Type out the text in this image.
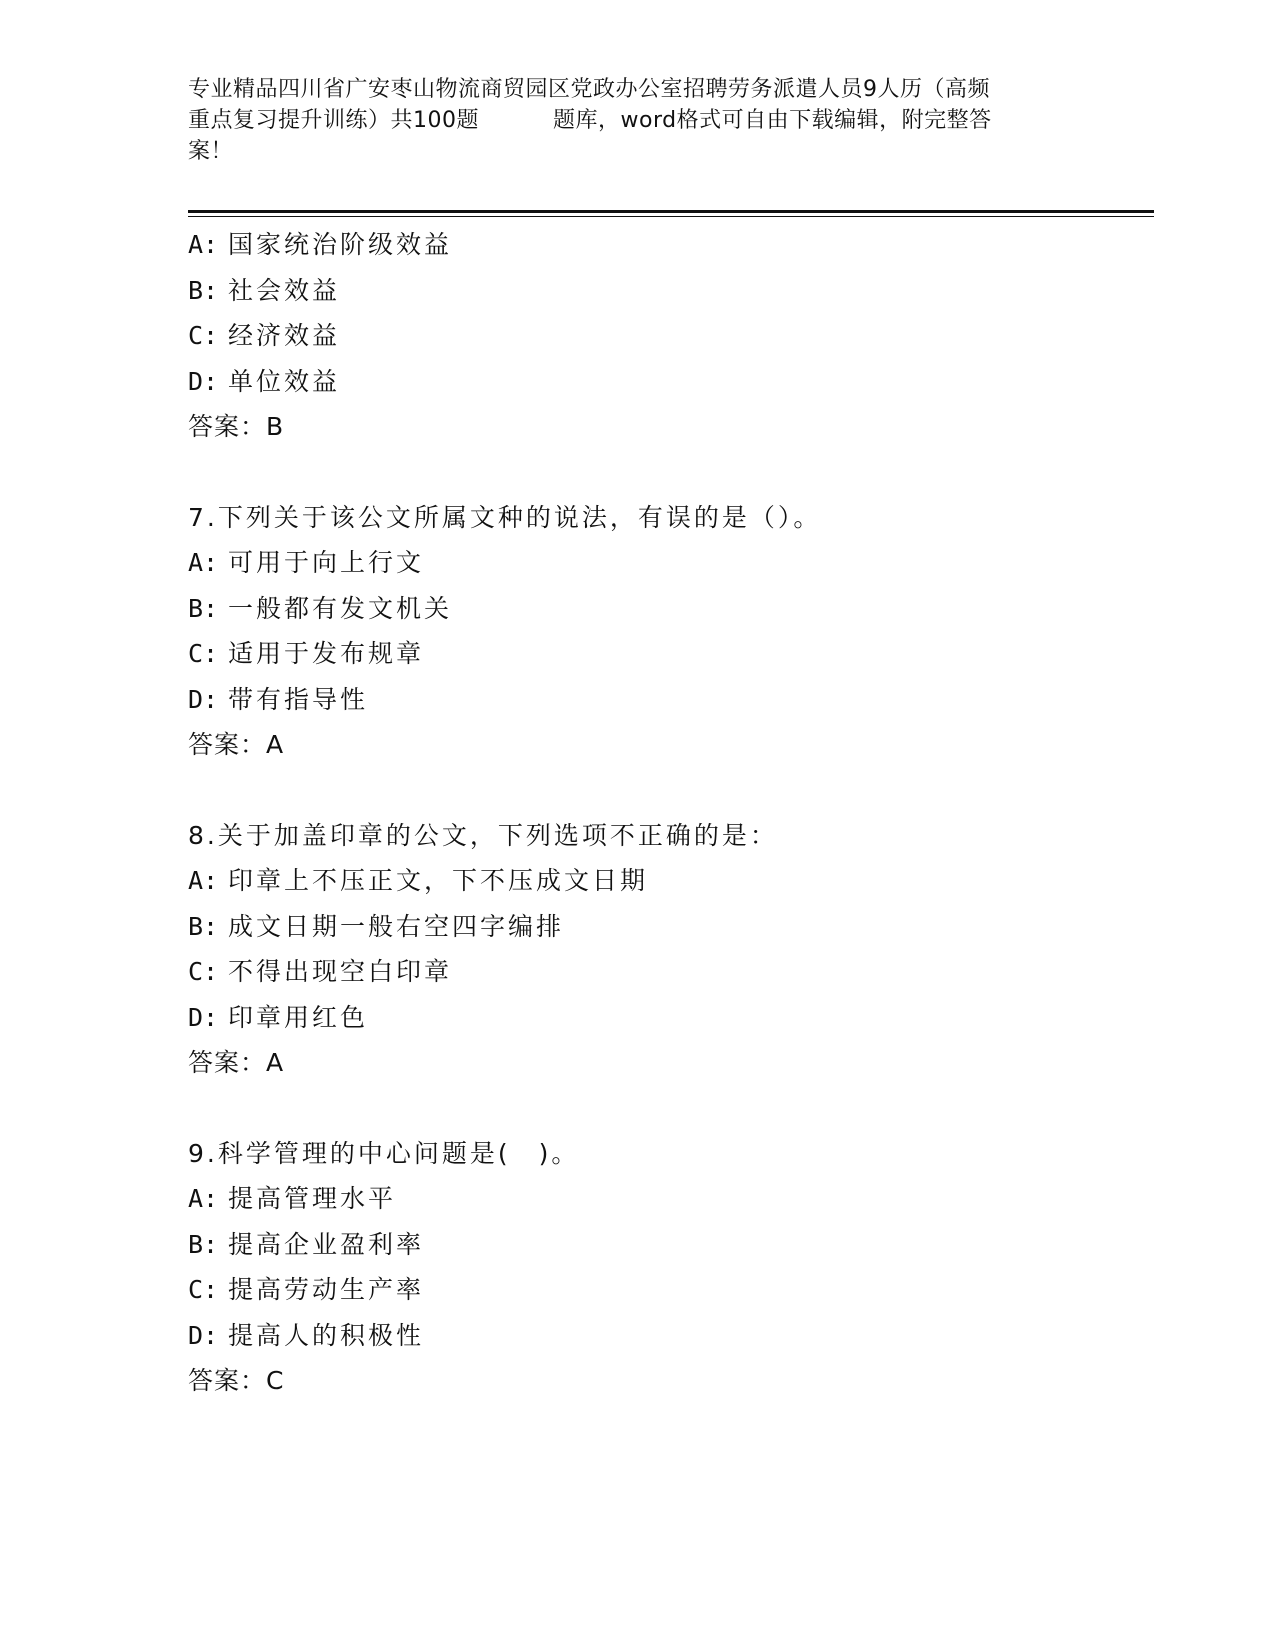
专业精品四川省广安枣山物流商贸园区党政办公室招聘劳务派遣人员9人历（高频
重点复习提升训练）共100题	题库，word格式可自由下载编辑，附完整答
案！
A: 国家统治阶级效益
B: 社会效益
C: 经济效益
D: 单位效益
答案：B
7.下列关于该公文所属文种的说法，有误的是（）。
A: 可用于向上行文
B: 一般都有发文机关
C: 适用于发布规章
D: 带有指导性
答案：A
8.关于加盖印章的公文，下列选项不正确的是：
A: 印章上不压正文，下不压成文日期
B: 成文日期一般右空四字编排
C: 不得出现空白印章
D: 印章用红色
答案：A
9.科学管理的中心问题是(　)。
A: 提高管理水平
B: 提高企业盈利率
C: 提高劳动生产率
D: 提高人的积极性
答案：C
